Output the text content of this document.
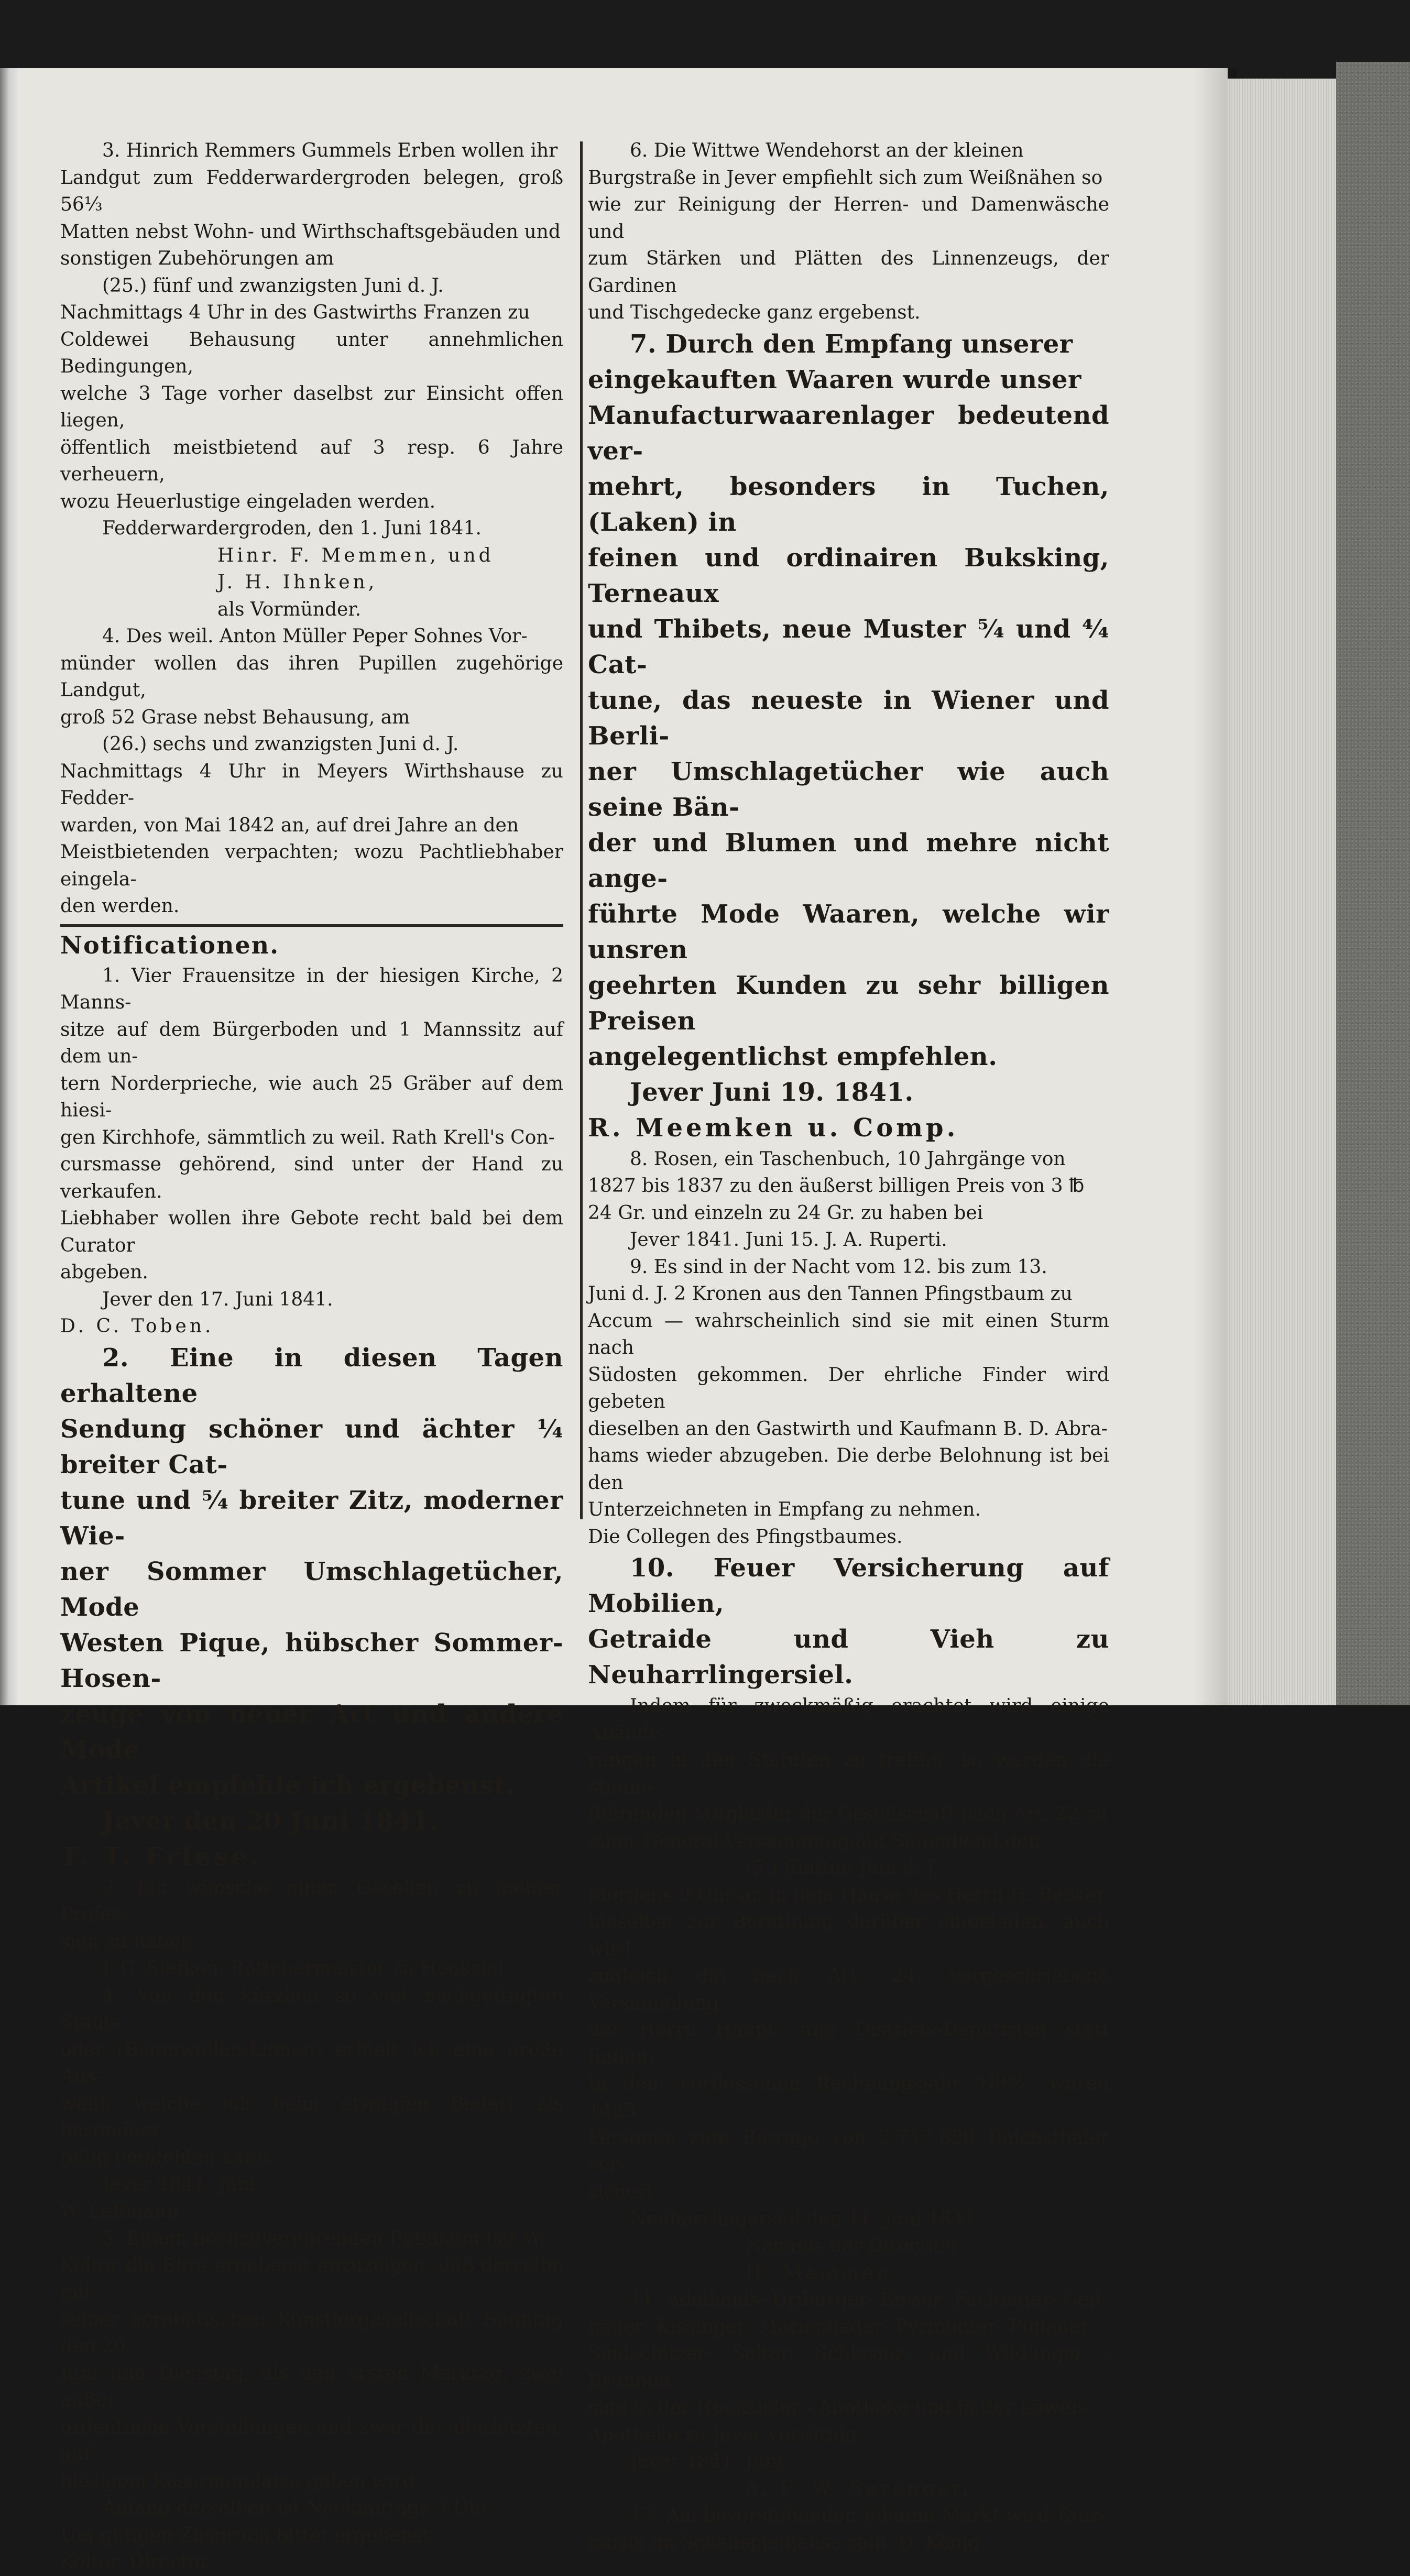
3. Hinrich Remmers Gummels Erben wollen ihr

Landgut zum Fedderwardergroden belegen, groß 56⅓

Matten nebst Wohn- und Wirthschaftsgebäuden und

sonstigen Zubehörungen am

(25.) fünf und zwanzigsten Juni d. J.

Nachmittags 4 Uhr in des Gastwirths Franzen zu

Coldewei Behausung unter annehmlichen Bedingungen,

welche 3 Tage vorher daselbst zur Einsicht offen liegen,

öffentlich meistbietend auf 3 resp. 6 Jahre verheuern,

wozu Heuerlustige eingeladen werden.

Fedderwardergroden, den 1. Juni 1841.

Hinr. F. Memmen, und

J. H. Ihnken,

als Vormünder.

4. Des weil. Anton Müller Peper Sohnes Vor-

münder wollen das ihren Pupillen zugehörige Landgut,

groß 52 Grase nebst Behausung, am

(26.) sechs und zwanzigsten Juni d. J.

Nachmittags 4 Uhr in Meyers Wirthshause zu Fedder-

warden, von Mai 1842 an, auf drei Jahre an den

Meistbietenden verpachten; wozu Pachtliebhaber eingela-

den werden.

Notificationen.

1. Vier Frauensitze in der hiesigen Kirche, 2 Manns-

sitze auf dem Bürgerboden und 1 Mannssitz auf dem un-

tern Norderprieche, wie auch 25 Gräber auf dem hiesi-

gen Kirchhofe, sämmtlich zu weil. Rath Krell's Con-

cursmasse gehörend, sind unter der Hand zu verkaufen.

Liebhaber wollen ihre Gebote recht bald bei dem Curator

abgeben.

Jever den 17. Juni 1841.

D. C. Toben.

2. Eine in diesen Tagen erhaltene

Sendung schöner und ächter ¼ breiter Cat-

tune und ⁵⁄₄ breiter Zitz, moderner Wie-

ner Sommer Umschlagetücher, Mode

Westen Pique, hübscher Sommer-Hosen-

zeuge von neuer Art und andere Mode

Artikel empfehle ich ergebenst.

Jever den 20 Juni 1841.

T. T. Friese.

3. Ich wünsche einen Gesellen zu meiner Profes-

sion zu haben.

J. G. Siefken, Böttchermeister zu Hooksiel.

4. Von den kürzlich so viel nachgefragten Stauts

oder (Baumwollen-Linnen) erhielt ich eine große Aus-

wahl, welche ich beim etwaigen Bedarf als besonders

billig empfehlen kann.

Jever 1841. Juni.

W. Leffmann.

5. Einem hochzuverehrenden Publikum hat W.

Kolter die Ehre ergebenst anzuzeigen, daß derselbe mit

seiner acrobatischen Künstlergesellschaft Sonntag den 20.

Juni und Dienstag, als den ersten Marktag, zwei außer-

ordentliche Vorstellungen und zwar die allerletzten, auf

hiesigem Kasernenplatze geben wird.

Anfang derselben ist Nachmittags 5 Uhr.

Um gütigen Zuspruch bittet ergebenst

Kolter, Director.

6. Die Wittwe Wendehorst an der kleinen

Burgstraße in Jever empfiehlt sich zum Weißnähen so

wie zur Reinigung der Herren- und Damenwäsche und

zum Stärken und Plätten des Linnenzeugs, der Gardinen

und Tischgedecke ganz ergebenst.

7. Durch den Empfang unserer

eingekauften Waaren wurde unser

Manufacturwaarenlager bedeutend ver-

mehrt, besonders in Tuchen, (Laken) in

feinen und ordinairen Buksking, Terneaux

und Thibets, neue Muster ⁵⁄₄ und ⁴⁄₄ Cat-

tune, das neueste in Wiener und Berli-

ner Umschlagetücher wie auch seine Bän-

der und Blumen und mehre nicht ange-

führte Mode Waaren, welche wir unsren

geehrten Kunden zu sehr billigen Preisen

angelegentlichst empfehlen.

Jever Juni 19. 1841.

R. Meemken u. Comp.

8. Rosen, ein Taschenbuch, 10 Jahrgänge von

1827 bis 1837 zu den äußerst billigen Preis von 3 ℔

24 Gr. und einzeln zu 24 Gr. zu haben bei

Jever 1841. Juni 15. J. A. Ruperti.

9. Es sind in der Nacht vom 12. bis zum 13.

Juni d. J. 2 Kronen aus den Tannen Pfingstbaum zu

Accum — wahrscheinlich sind sie mit einen Sturm nach

Südosten gekommen. Der ehrliche Finder wird gebeten

dieselben an den Gastwirth und Kaufmann B. D. Abra-

hams wieder abzugeben. Die derbe Belohnung ist bei den

Unterzeichneten in Empfang zu nehmen.

Die Collegen des Pfingstbaumes.

10. Feuer Versicherung auf Mobilien,

Getraide und Vieh zu Neuharrlingersiel.

Indem für zweckmäßig erachtet wird einige Abände-

rungen in den Statuten zu treffen, so werden die stimm-

führenden Mitglieder der Gesellschaft nach Art. 22 zu

einer General-Versammung auf Sonnabend den

(5.) fünften Juni d. J.

Morgens 9 Uhr an in dem Hause des Herrn H. Becker

hieselbst zur Berathung darüber eingeladen, auch wird

zugleich die nach Art. 24. vorgeschriebene Versammlung

der Herrn Haupt- und Districts-Deputirten statt finden.

In dem verflossenen Rechnungsjahr 18⁴⁰⁄₄₁ waren 1423

Personen zum Betrage von 2,717,830 Reichsthaler ver-

sichert.

Neuharrlingersiel den 11. Juni 1841.

Namens der Direction

H. Mammen.

11. Adelheids- Driburger- Emser- Fachinger- Geil-

nauer- Kissinger- Marienbader- Pyrmonter- Pilnauer-

Seidschitzer- Selter- Schlesier- und Wildunger - Brunnen

sind in der Hooksieler - Apotheke und in der Löwen-

Apotheke zu Jever vorräthig.

Jever 1841. Juni.

A. F. W. Sprenger.

12. Am bevorstehenden Johanni Markt wird Tanz-

musik im Schauspielhause sein. D. König.
